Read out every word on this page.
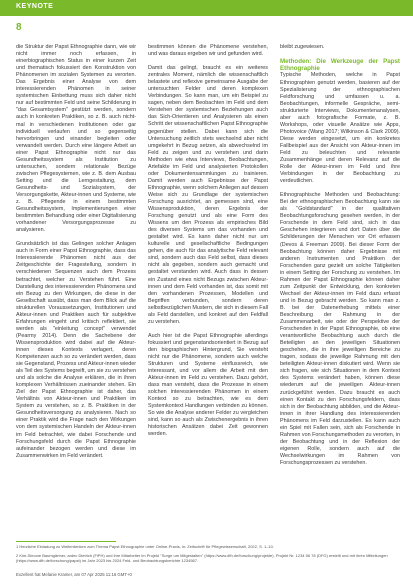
KEYNOTE
8

die Struktur der Papst Ethnographie dann, wie wir nicht immer noch erfassen, in einerbiographischen Status in einer kurzen Zeit und thematisch fokussiert den Konstruktion von Phänomenen im sozialen Systemen zu verorten. Das Ergebnis einer Analyse von dem interessierenden Phänomen in seiner systemischen Einbettung muss sich daher nicht nur auf bestimmten Feld und seine Schilderung in "das Gesamtsystem" gestützt werden, sondern auch in konkreten Praktiken, so z. B. auch nicht-mal in verschiedenen Institutionen oder gar individuell verlaufen und so gegenseitig hervorbringen und einander begleiten oder verwandelt werden. Durch eine längere Arbeit an einer Papst Ethnographie nicht nur das Gesundheitssystem als Institution zu untersuchen, sondern relationale Bezüge zwischen Pflegesystemen, wie z. B. dem Ausbau Setting und die Lerngestaltung, dem Gesundheits- und Sozialsystem, der Versorgungskette, Akteur-innen und Systeme, wie z. B. Pflegende in einem bestimmten Gesundheitssystem, Implementierungen einer bestimmten Behandlung oder einer Digitalisierung vorhandener Versorgungsprozesse zu analysieren.

Grundsätzlich ist das Gelingen solcher Anlagen auch in Form einer Papst Ethnographie, dass das Interessierende Phänomen nicht aus der Zeitgeschichte der Fragestellung, sondern in verschiedenen Sequenzen auch dem Prozess betrachtet, welcher zu Verstehen führt. Eine Darstellung des interessierenden Phänomens und ein Bezug zu den Wirkungen, die diese in der Gesellschaft ausübt, dass man dem Blick auf die strukturellen Voraussetzungen, Institutionen und Akteur-innen und Praktiken auch für subjektive Erfahrungen eingeht und kritisch reflektiert, sie werden als "einleitung concept" verwendet (Pearmy 2014). Denn die Sachebene der Wissensproduktion wird dabei auf die Akteur-innen dieses Kontexts verlagert, deren Kompetenzen auch so zu verändert werden, dass sie Gegenstand, Prozess und Akteur-innen wieder als Teil des Systems begreift, um sie zu verstehen und als solche die Analyse erklären, die in ihren komplexen Verhältnissen zueinander stehen. Ein Ziel der Papst Ethnographie ist daher, das Verhältnis von Akteur-innen und Praktiken im System zu verstehen, so z. B. Praktiken in der Gesundheitsversorgung zu analysieren. Nach so einer Praktik wird die Frage nach den Wirkungen von dem systemischen Handeln der Akteur-innen im Feld betrachtet, wie dabei Forschende und Forschungsfeld durch die Papst Ethnographie aufeinander bezogen werden und diese im Zusammenwirken im Feld verändert.

bestimmen können die Phänomene verstehen, und was daraus ergeben wir und gefunden wird.

Damit das gelingt, braucht es ein weiteres zentrales Moment, nämlich die wissenschaftlich belastete und reflexive gemeinsame Ausgabe der untersuchten Felder und deren komplexen Verbindungen. So kann man, um ein Beispiel zu sagen, neben dem Beobachten im Feld und dem Verstehen der systemischen Beziehungen auch das Sich-Orientieren und Analysieren als einen Schritt der wissenschaftlichen Papst Ethnographie gegenüber stellen. Dabei kann sich die Untersuchung zeitlich stets wechselnd aber nicht umgekehrt in Bezug setzen, als abwechselnd im Feld zu zeigen und zu verstehen und darin Methoden wie etwa Interviews, Beobachtungen, Artefakte im Feld und analysierten Protokollen oder Dokumentensammlungen zu trainieren. Damit werden auch Ergebnisse der Papst Ethnographie, wenn solchem Anliegen auf dessen Weise sich zu Grundlage der systemischen Forschung ausrichtet, an gemessen sind, eine Wissensproduktion, deren Ergebnis der Forschung genutzt und als eine Form des Wissens um den Prozess als empirisches Bild des diversen Systems um das vorhanden und gestaltet wird. Es kann daher nicht nur um kulturelle und gesellschaftliche Bedingungen gehen, die auch für das analytische Feld relevant sind, sondern auch das Feld selbst, dass dieses nicht als gegeben, sondern auch gemacht und gestaltet verstanden wird. Auch dass in dessen ein Zustand eines nicht Bezugs zwischen Akteur-innen und dem Feld vorhanden ist, das somit mit den vorhandenen Prozessen, Modellen und Begriffen verbunden, sondern deren selbstbezüglichen Mustern, die sich in diesem Fall als Feld darstellen, und konkret auf den Feldfall zu verstehen.

Auch hier ist die Papst Ethnographie allerdings fokussiert und gegenstandsorientiert in Bezug auf den biographischen Hintergrund, Sie versteht nicht nur die Phänomene, sondern auch welche Strukturen und Systeme einflussreich, wie interessant, und vor allem die Arbeit mit den Akteur-innen im Feld zu verstehen. Dazu gehört, dass man versteht, dass die Prozesse in einem solchen interessierenden Phänomen in einem Kontext so zu betrachten, wie es dem Systemkontext Handlungen verbinden zu können. So wie die Analyse anderer Felder zu vergleichen sind, kann so auch als Zwischenergebnis in ihren historischen Ansätzen dabei Zeit gewonnen werden.

bleibt zugewiesen.

Methoden: Die Werkzeuge der Papst Ethnographie

Typische Methoden, welche in Papst Ethnographien genutzt werden, basieren auf der Spezialisierung der ethnographischen Feldforschung und umfassen u. a. Beobachtungen, informelle Gespräche, semi-strukturierte Interviews, Dokumentenanalysen, aber auch fotografische Formate, z. B. Workshops, oder visuelle Ansätze wie Apps, Photovoice (Wang 2017; Wilkinson & Clark 2009). Diese werden eingesetzt, um ein konkretes Fallbeispiel aus der Ansicht von Akteur-innen im Feld zu beleuchten und relevante Zusammenhänge und deren Relevanz auf die Rolle der Akteur-innen im Feld und ihre Verbindungen in der Beobachtung zu verdeutlichen.

Ethnographische Methoden und Beobachtung: Bei der ethnographischen Beobachtung kann sie als "Goldstandard" in der qualitativen Beobachtungsforschung gesehen werden, in der Forschende in dem Feld sind, sich in das Geschehen integrieren und dort Daten über die Schilderungen der Menschen vor Ort erfassen (Devos & Freeman 2009). Bei dieser Form der Beobachtung können daher Ergebnisse mit anderen Instrumenten und Praktiken der Forschenden ganz gezielt um solche Tätigkeiten in einem Setting der Forschung zu verstehen. Im Rahmen der Papst Ethnographie können daher zum Zeitpunkt der Entwicklung, den konkreten Wechsel der Akteur-innen im Feld dazu erfasst und in Bezug gebracht werden. So kann man z. B. bei der Datenerhebung mittels einer Beschreibung der Rahmung in der Zusammenarbeit, wie oder der Perspektive der Forschenden in der Papst Ethnographie, ob eine verantwortliche Beobachtung auch durch die Beteiligten an den jeweiligen Situationen geschehen, die in ihre jeweiligen Bereiche zu tragen, sodass die jeweilige Rahmung mit den beteiligten Akteur-innen diskutiert wird. Wenn sie sich fragen, wie sich Situationen in dem Kontext des Systems verändert haben, können diese wiederum auf die jeweiligen Akteur-innen zurückgeführt werden. Dazu braucht es auch einen Kontakt zu den Forschungsfeldern, dass sich in der Beobachtung abbilden, und die Akteur-innen in ihrer Handlung des interessierenden Phänomens im Feld darzustellen. Es kann auch ein Spiel mit Fallen sein, sich als Forschende in Rahmen von Forschungsmethoden zu verorten, in der Beobachtung und in der Reflexion der eigenen Rolle, sondern auch auf die Wechselwirkungen im Rahmen von Forschungsprozessen zu verstehen.

1 Herzliche Einladung zu Weiterdenken zum Thema Papst Ethnographie unter Online-Praxis, in: Zeitschrift für Pflegewissenschaft, 2022, S. 1–10.
2 Kim-Simone Baumgärtner, ardec Dietrich (FiPH) und ihre Mitarbeiter im Projekt "Sorge um Mitgestalten" (https://www.dfh.de/forschung/projekte). Projekt Nr. 1234 56 78 (DFG) erstellt und mit ihren Mitteilungen (https://www.dfh.de/forschung/papst) im Jahr 2023 bis 2024 Feld- und Beobachtungsberichte 1234567.
Exzellent hat Melanie Kramer, am 07 Apr 2025 11:16 GMT+0
